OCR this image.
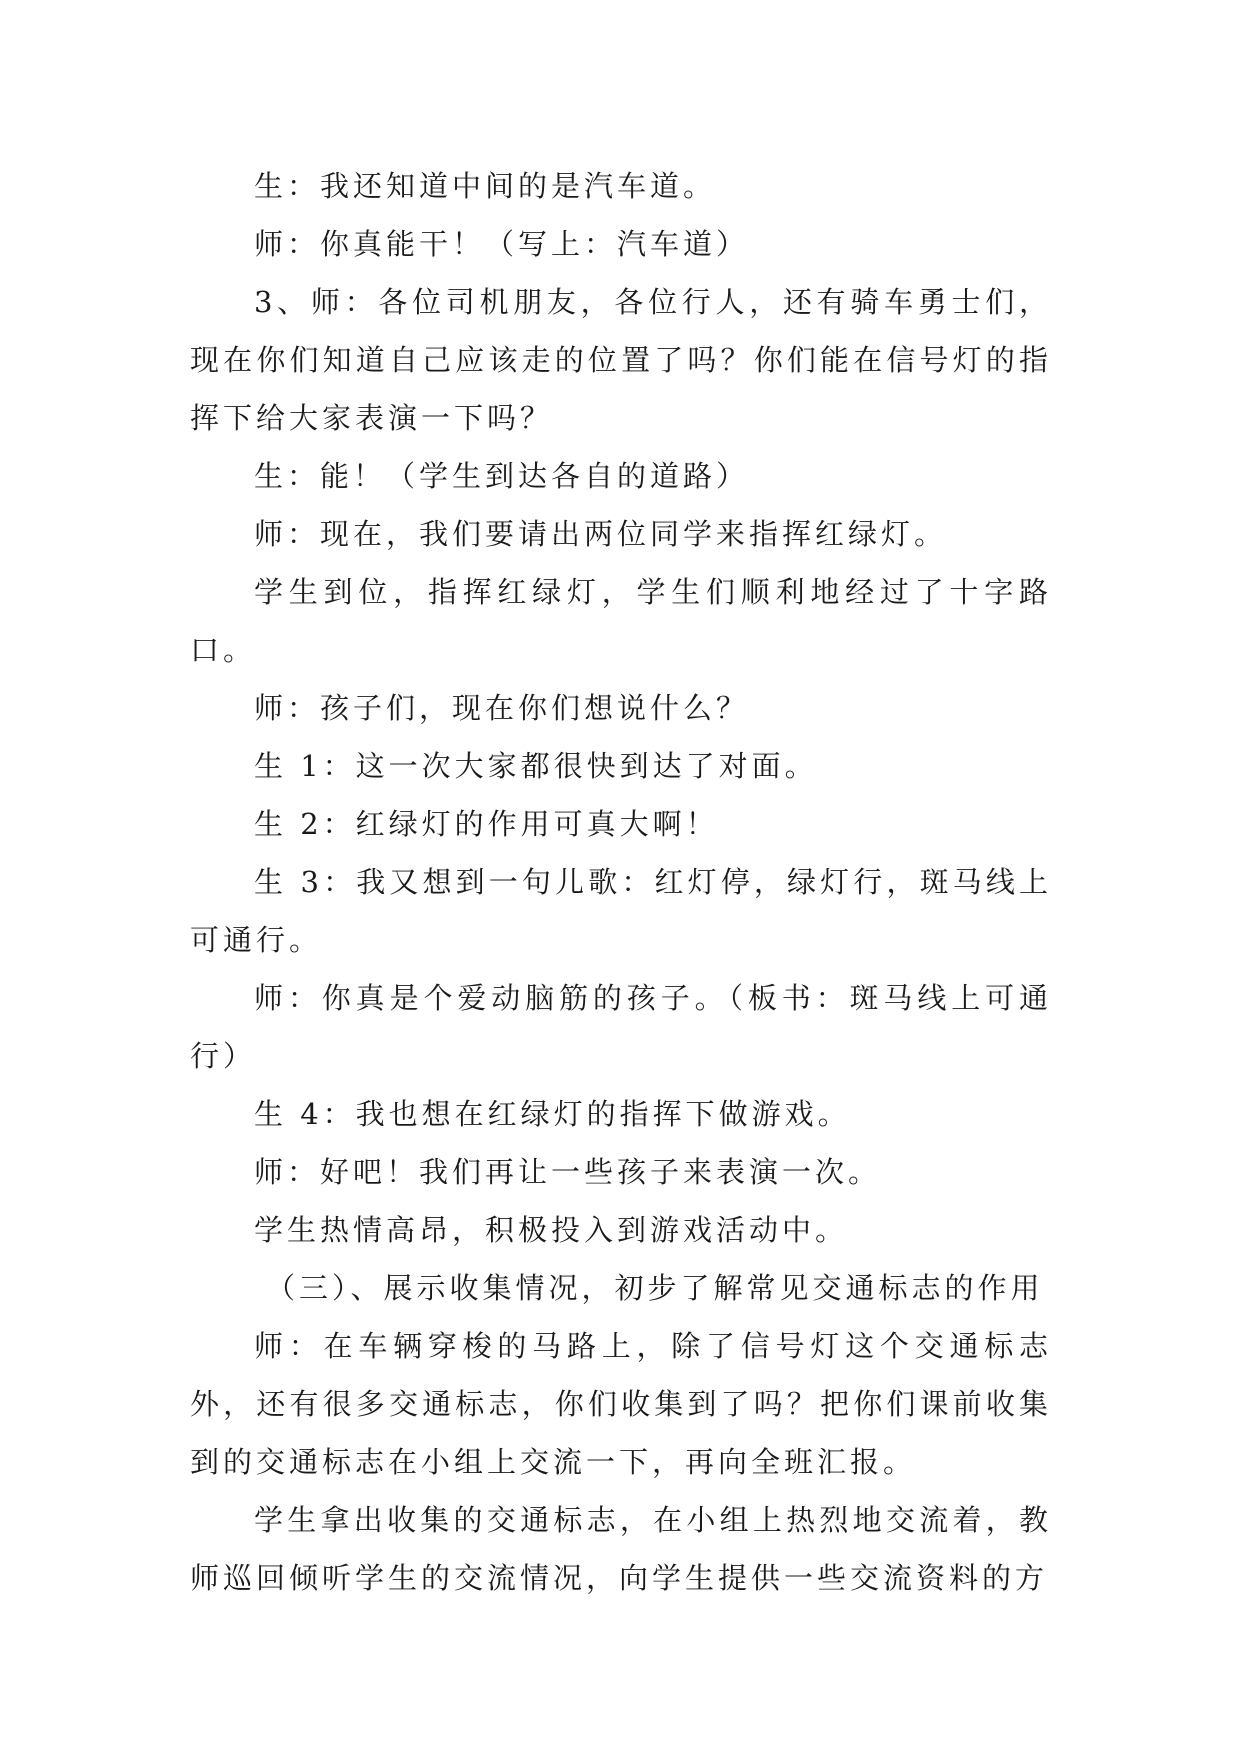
生：我还知道中间的是汽车道。

师：你真能干！（写上：汽车道）

3、师：各位司机朋友，各位行人，还有骑车勇士们，现在你们知道自己应该走的位置了吗？你们能在信号灯的指挥下给大家表演一下吗？

生：能！（学生到达各自的道路）

师：现在，我们要请出两位同学来指挥红绿灯。

学生到位，指挥红绿灯，学生们顺利地经过了十字路口。

师：孩子们，现在你们想说什么？

生 1：这一次大家都很快到达了对面。

生 2：红绿灯的作用可真大啊！

生 3：我又想到一句儿歌：红灯停，绿灯行，斑马线上可通行。

师：你真是个爱动脑筋的孩子。（板书：斑马线上可通行）

生 4：我也想在红绿灯的指挥下做游戏。

师：好吧！我们再让一些孩子来表演一次。

学生热情高昂，积极投入到游戏活动中。

（三）、展示收集情况，初步了解常见交通标志的作用

师：在车辆穿梭的马路上，除了信号灯这个交通标志外，还有很多交通标志，你们收集到了吗？把你们课前收集到的交通标志在小组上交流一下，再向全班汇报。

学生拿出收集的交通标志，在小组上热烈地交流着，教师巡回倾听学生的交流情况，向学生提供一些交流资料的方
